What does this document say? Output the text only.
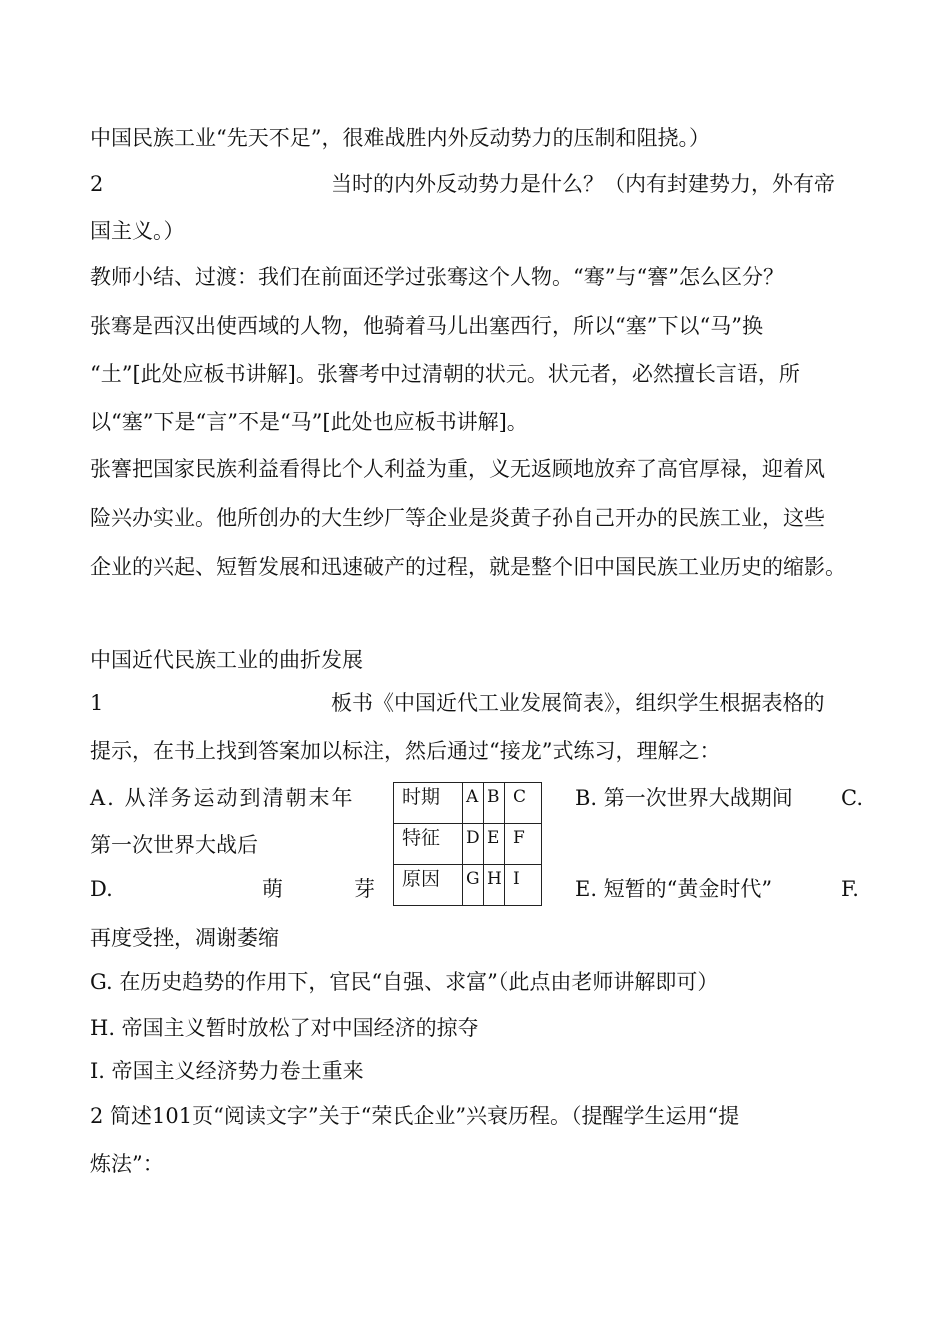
中国民族工业“先天不足”，很难战胜内外反动势力的压制和阻挠。）
2	当时的内外反动势力是什么？（内有封建势力，外有帝
国主义。）
教师小结、过渡：我们在前面还学过张骞这个人物。“骞”与“謇”怎么区分？
张骞是西汉出使西域的人物，他骑着马儿出塞西行，所以“塞”下以“马”换
“土”[此处应板书讲解]。张謇考中过清朝的状元。状元者，必然擅长言语，所
以“塞”下是“言”不是“马”[此处也应板书讲解]。
张謇把国家民族利益看得比个人利益为重，义无返顾地放弃了高官厚禄，迎着风
险兴办实业。他所创办的大生纱厂等企业是炎黄子孙自己开办的民族工业，这些
企业的兴起、短暂发展和迅速破产的过程，就是整个旧中国民族工业历史的缩影。
中国近代民族工业的曲折发展
1	板书《中国近代工业发展简表》，组织学生根据表格的
提示，在书上找到答案加以标注，然后通过“接龙”式练习，理解之：
A. 从洋务运动到清朝末年	B. 第一次世界大战期间 C.
第一次世界大战后
D.	萌	芽	E. 短暂的“黄金时代”	F.
再度受挫，凋谢萎缩
G. 在历史趋势的作用下，官民“自强、求富”（此点由老师讲解即可）
H. 帝国主义暂时放松了对中国经济的掠夺
I. 帝国主义经济势力卷土重来
2 简述101页“阅读文字”关于“荣氏企业”兴衰历程。（提醒学生运用“提
炼法”：
时期	A	B	C
特征	D	E	F
原因	G	H	I
